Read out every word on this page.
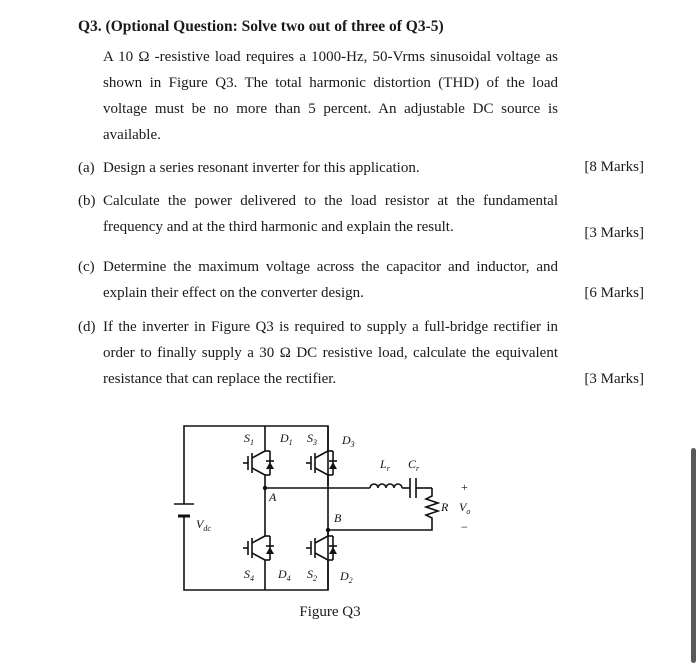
Q3. (Optional Question: Solve two out of three of Q3-5)
A 10 Ω -resistive load requires a 1000-Hz, 50-Vrms sinusoidal voltage as shown in Figure Q3. The total harmonic distortion (THD) of the load voltage must be no more than 5 percent. An adjustable DC source is available.
(a) Design a series resonant inverter for this application.	[8 Marks]
(b) Calculate the power delivered to the load resistor at the fundamental frequency and at the third harmonic and explain the result.	[3 Marks]
(c) Determine the maximum voltage across the capacitor and inductor, and explain their effect on the converter design.	[6 Marks]
(d) If the inverter in Figure Q3 is required to supply a full-bridge rectifier in order to finally supply a 30 Ω DC resistive load, calculate the equivalent resistance that can replace the rectifier.	[3 Marks]
$S_1$ $D_1$ $S_3$ $D_3$
$S_4$ $D_4$ $S_2$ $D_2$
$L_r$ $C_r$
$V_{dc}$
A
B
R $V_o$
+
−
Figure Q3
